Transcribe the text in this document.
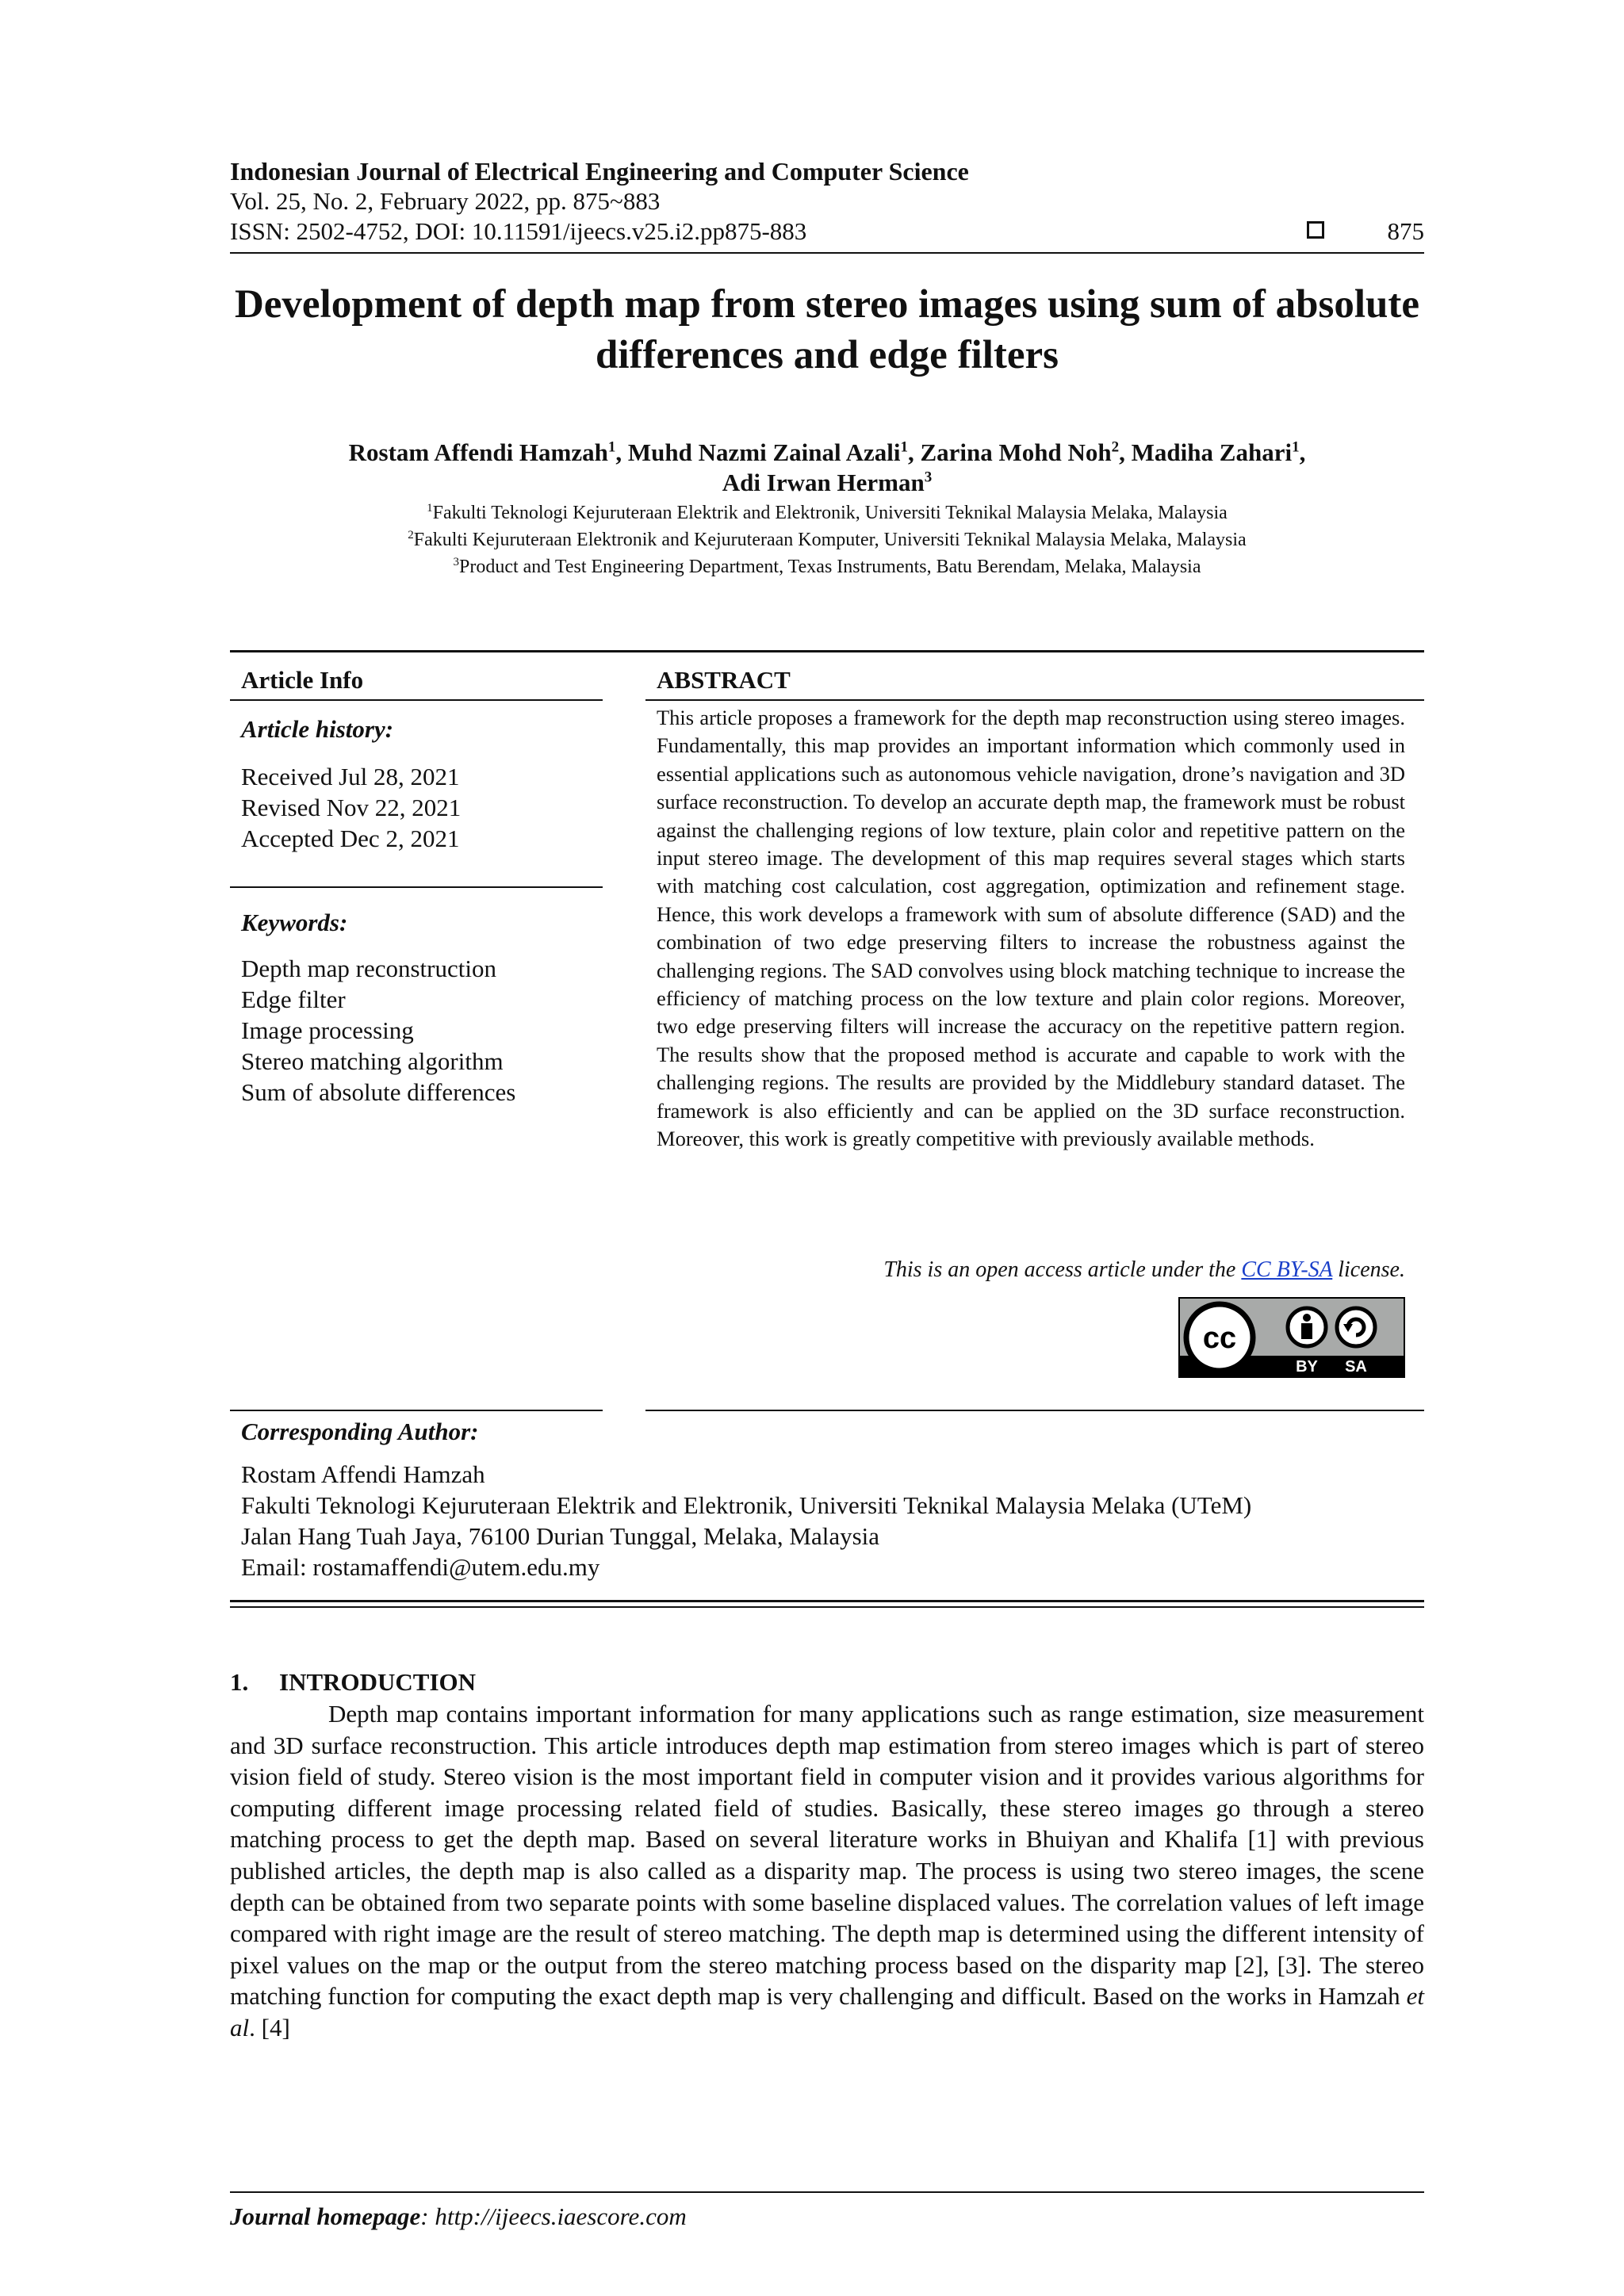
Indonesian Journal of Electrical Engineering and Computer Science
Vol. 25, No. 2, February 2022, pp. 875~883
ISSN: 2502-4752, DOI: 10.11591/ijeecs.v25.i2.pp875-883	875
Development of depth map from stereo images using sum of absolute differences and edge filters
Rostam Affendi Hamzah$^1$, Muhd Nazmi Zainal Azali$^1$, Zarina Mohd Noh$^2$, Madiha Zahari$^1$,
Adi Irwan Herman$^3$
$^1$Fakulti Teknologi Kejuruteraan Elektrik and Elektronik, Universiti Teknikal Malaysia Melaka, Malaysia
$^2$Fakulti Kejuruteraan Elektronik and Kejuruteraan Komputer, Universiti Teknikal Malaysia Melaka, Malaysia
$^3$Product and Test Engineering Department, Texas Instruments, Batu Berendam, Melaka, Malaysia
Article Info
Article history:
Received Jul 28, 2021
Revised Nov 22, 2021
Accepted Dec 2, 2021
Keywords:
Depth map reconstruction
Edge filter
Image processing
Stereo matching algorithm
Sum of absolute differences
ABSTRACT
This article proposes a framework for the depth map reconstruction using stereo images. Fundamentally, this map provides an important information which commonly used in essential applications such as autonomous vehicle navigation, drone’s navigation and 3D surface reconstruction. To develop an accurate depth map, the framework must be robust against the challenging regions of low texture, plain color and repetitive pattern on the input stereo image. The development of this map requires several stages which starts with matching cost calculation, cost aggregation, optimization and refinement stage. Hence, this work develops a framework with sum of absolute difference (SAD) and the combination of two edge preserving filters to increase the robustness against the challenging regions. The SAD convolves using block matching technique to increase the efficiency of matching process on the low texture and plain color regions. Moreover, two edge preserving filters will increase the accuracy on the repetitive pattern region. The results show that the proposed method is accurate and capable to work with the challenging regions. The results are provided by the Middlebury standard dataset. The framework is also efficiently and can be applied on the 3D surface reconstruction. Moreover, this work is greatly competitive with previously available methods.
This is an open access article under the CC BY-SA license.
cc
BY SA
Corresponding Author:
Rostam Affendi Hamzah
Fakulti Teknologi Kejuruteraan Elektrik and Elektronik, Universiti Teknikal Malaysia Melaka (UTeM)
Jalan Hang Tuah Jaya, 76100 Durian Tunggal, Melaka, Malaysia
Email: rostamaffendi@utem.edu.my
1.     INTRODUCTION

Depth map contains important information for many applications such as range estimation, size measurement and 3D surface reconstruction. This article introduces depth map estimation from stereo images which is part of stereo vision field of study. Stereo vision is the most important field in computer vision and it provides various algorithms for computing different image processing related field of studies. Basically, these stereo images go through a stereo matching process to get the depth map. Based on several literature works in Bhuiyan and Khalifa [1] with previous published articles, the depth map is also called as a disparity map. The process is using two stereo images, the scene depth can be obtained from two separate points with some baseline displaced values. The correlation values of left image compared with right image are the result of stereo matching. The depth map is determined using the different intensity of pixel values on the map or the output from the stereo matching process based on the disparity map [2], [3]. The stereo matching function for computing the exact depth map is very challenging and difficult. Based on the works in Hamzah et al. [4]

Journal homepage: http://ijeecs.iaescore.com
